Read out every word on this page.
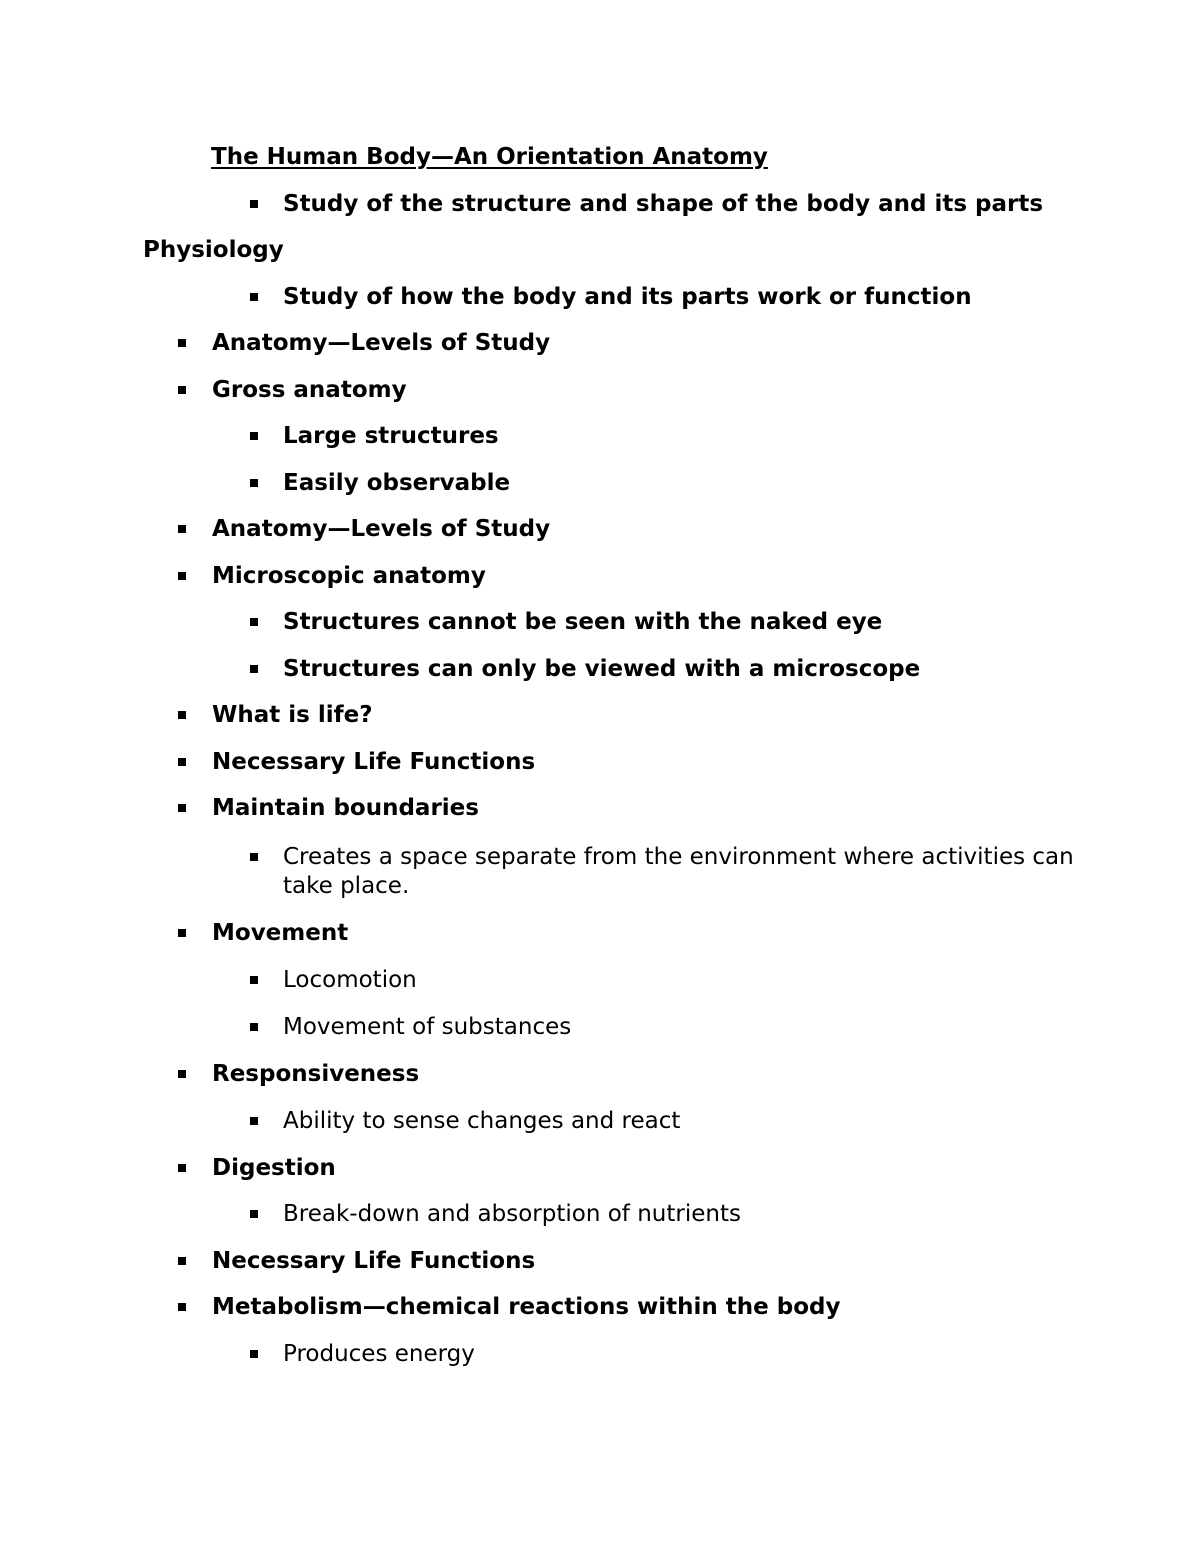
The Human Body—An Orientation Anatomy
Study of the structure and shape of the body and its parts
Physiology
Study of how the body and its parts work or function
Anatomy—Levels of Study
Gross anatomy
Large structures
Easily observable
Anatomy—Levels of Study
Microscopic anatomy
Structures cannot be seen with the naked eye
Structures can only be viewed with a microscope
What is life?
Necessary Life Functions
Maintain boundaries
Creates a space separate from the environment where activities can take place.
Movement
Locomotion
Movement of substances
Responsiveness
Ability to sense changes and react
Digestion
Break-down and absorption of nutrients
Necessary Life Functions
Metabolism—chemical reactions within the body
Produces energy
